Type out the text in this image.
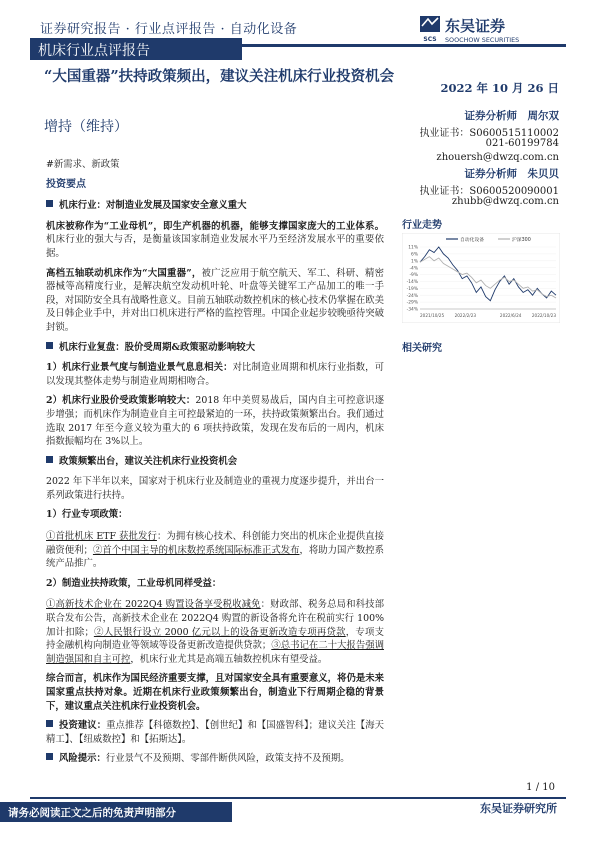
证券研究报告 · 行业点评报告 · 自动化设备
SCS
东吴证券
SOOCHOW SECURITIES
机床行业点评报告
“大国重器”扶持政策频出，建议关注机床行业投资机会
增持（维持）
2022 年 10 月 26 日
证券分析师　周尔双
执业证书：S0600515110002
021-60199784
zhouersh@dwzq.com.cn
证券分析师　朱贝贝
执业证书：S0600520090001
zhubb@dwzq.com.cn
行业走势
自动化设备	沪深300
11%
6%
1%
-4%
-9%
-14%
-19%
-24%
-29%
-34%
2021/10/25 2022/2/23	2022/6/24 2022/10/23
相关研究

#新需求、新政策

投资要点

机床行业：对制造业发展及国家安全意义重大

机床被称作为“工业母机”，即生产机器的机器，能够支撑国家庞大的工业体系。机床行业的强大与否，是衡量该国家制造业发展水平乃至经济发展水平的重要依据。

高档五轴联动机床作为“大国重器”，被广泛应用于航空航天、军工、科研、精密器械等高精度行业，是解决航空发动机叶轮、叶盘等关键军工产品加工的唯一手段，对国防安全具有战略性意义。目前五轴联动数控机床的核心技术仍掌握在欧美及日韩企业手中，并对出口机床进行严格的监控管理。中国企业起步较晚亟待突破封锁。

机床行业复盘：股价受周期&政策驱动影响较大

1）机床行业景气度与制造业景气息息相关：对比制造业周期和机床行业指数，可以发现其整体走势与制造业周期相吻合。

2）机床行业股价受政策影响较大：2018 年中美贸易战后，国内自主可控意识逐步增强；而机床作为制造业自主可控最紧迫的一环，扶持政策频繁出台。我们通过选取 2017 年至今意义较为重大的 6 项扶持政策，发现在发布后的一周内，机床指数振幅均在 3%以上。

政策频繁出台，建议关注机床行业投资机会

2022 年下半年以来，国家对于机床行业及制造业的重视力度逐步提升，并出台一系列政策进行扶持。

1）行业专项政策：

①首批机床 ETF 获批发行：为拥有核心技术、科创能力突出的机床企业提供直接融资便利；②首个中国主导的机床数控系统国际标准正式发布，将助力国产数控系统产品推广。

2）制造业扶持政策，工业母机同样受益：

①高新技术企业在 2022Q4 购置设备享受税收减免：财政部、税务总局和科技部联合发布公告，高新技术企业在 2022Q4 购置的新设备将允许在税前实行 100%加计扣除；②人民银行设立 2000 亿元以上的设备更新改造专项再贷款，专项支持金融机构向制造业等领域等设备更新改造提供贷款；③总书记在二十大报告强调制造强国和自主可控，机床行业尤其是高端五轴数控机床有望受益。

综合而言，机床作为国民经济重要支撑，且对国家安全具有重要意义，将仍是未来国家重点扶持对象。近期在机床行业政策频繁出台，制造业下行周期企稳的背景下，建议重点关注机床行业投资机会。

投资建议：重点推荐【科德数控】、【创世纪】和【国盛智科】；建议关注【海天精工】、【纽威数控】和【拓斯达】。

风险提示：行业景气不及预期、零部件断供风险，政策支持不及预期。

1 / 10
请务必阅读正文之后的免责声明部分	东吴证券研究所
